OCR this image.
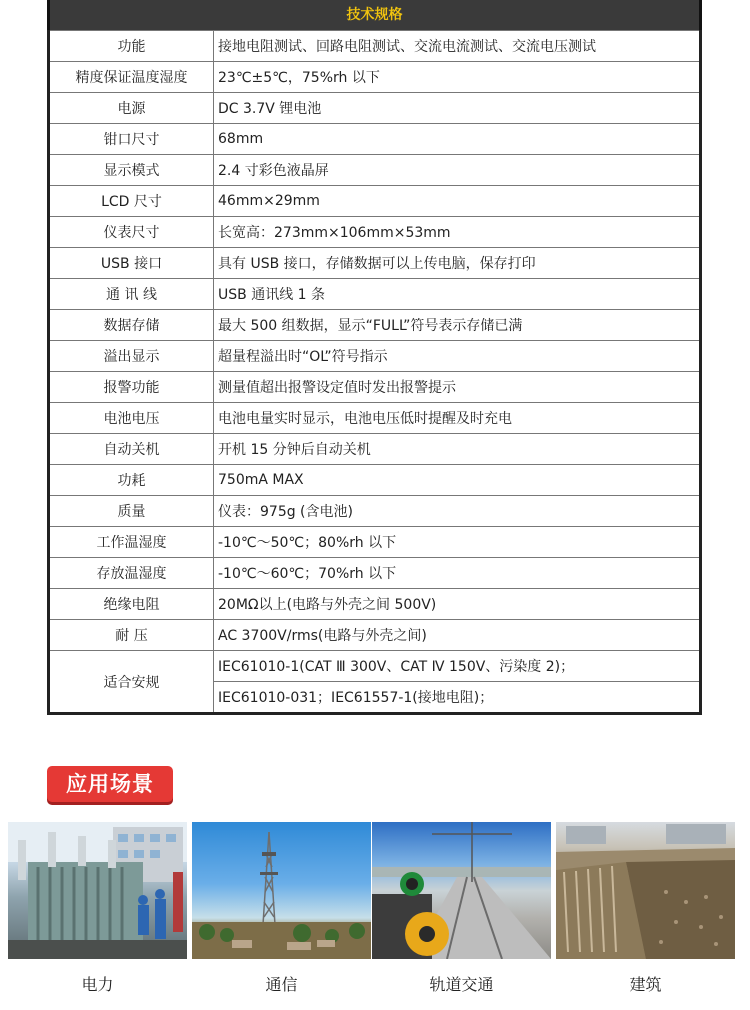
技术规格
功能	接地电阻测试、回路电阻测试、交流电流测试、交流电压测试
精度保证温度湿度	23℃±5℃，75%rh 以下
电源	DC 3.7V 锂电池
钳口尺寸	68mm
显示模式	2.4 寸彩色液晶屏
LCD 尺寸	46mm×29mm
仪表尺寸	长宽高：273mm×106mm×53mm
USB 接口	具有 USB 接口，存储数据可以上传电脑，保存打印
通 讯 线	USB 通讯线 1 条
数据存储	最大 500 组数据，显示“FULL”符号表示存储已满
溢出显示	超量程溢出时“OL”符号指示
报警功能	测量值超出报警设定值时发出报警提示
电池电压	电池电量实时显示，电池电压低时提醒及时充电
自动关机	开机 15 分钟后自动关机
功耗	750mA MAX
质量	仪表：975g (含电池)
工作温湿度	-10℃～50℃；80%rh 以下
存放温湿度	-10℃～60℃；70%rh 以下
绝缘电阻	20MΩ以上(电路与外壳之间 500V)
耐 压	AC 3700V/rms(电路与外壳之间)
适合安规	IEC61010-1(CAT Ⅲ 300V、CAT Ⅳ 150V、污染度 2)；
	IEC61010-031；IEC61557-1(接地电阻)；
应用场景
电力	通信	轨道交通	建筑
